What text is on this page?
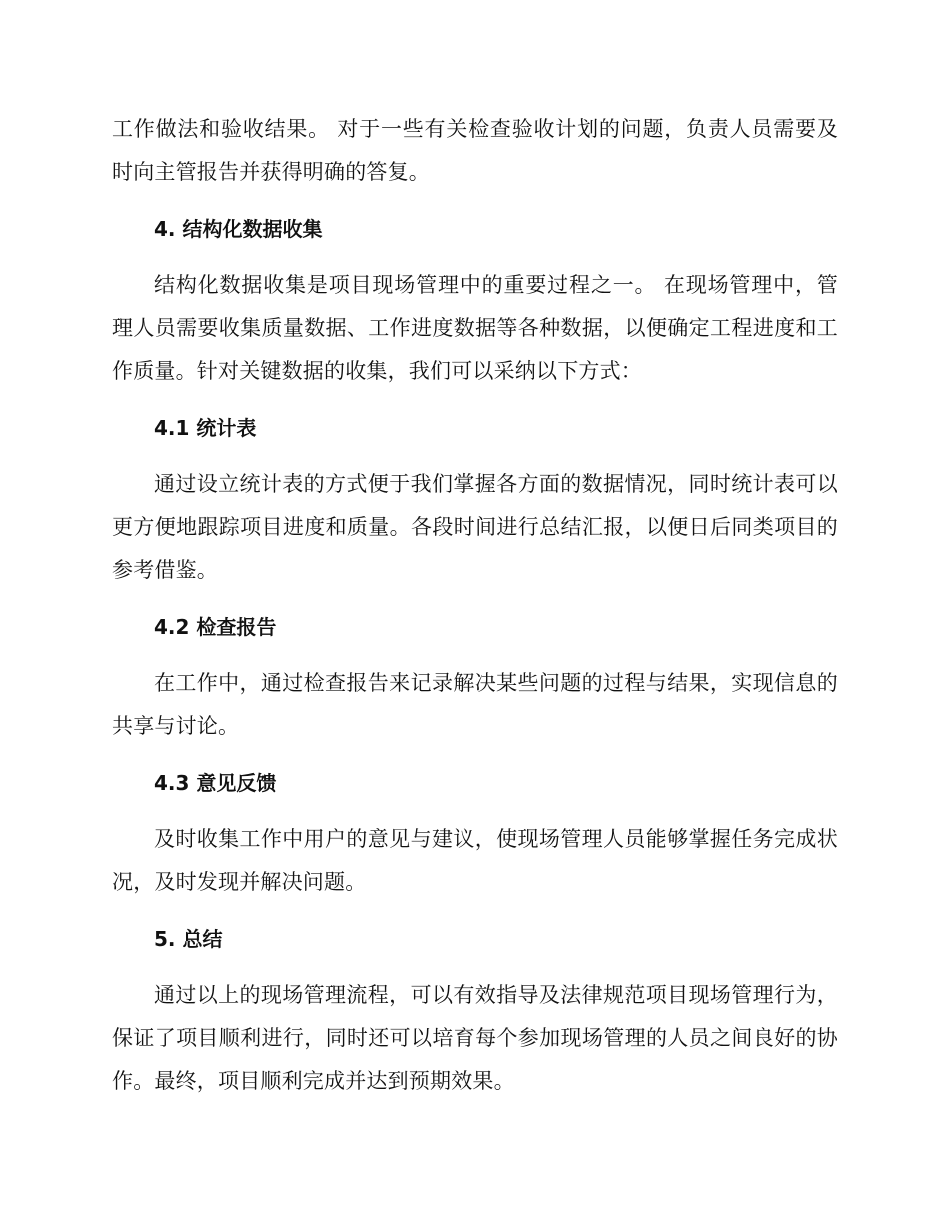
工作做法和验收结果。 对于一些有关检查验收计划的问题，负责人员需要及时向主管报告并获得明确的答复。

4. 结构化数据收集

结构化数据收集是项目现场管理中的重要过程之一。 在现场管理中，管理人员需要收集质量数据、工作进度数据等各种数据，以便确定工程进度和工作质量。针对关键数据的收集，我们可以采纳以下方式：

4.1 统计表

通过设立统计表的方式便于我们掌握各方面的数据情况，同时统计表可以更方便地跟踪项目进度和质量。各段时间进行总结汇报，以便日后同类项目的参考借鉴。

4.2 检查报告

在工作中，通过检查报告来记录解决某些问题的过程与结果，实现信息的共享与讨论。

4.3 意见反馈

及时收集工作中用户的意见与建议，使现场管理人员能够掌握任务完成状况，及时发现并解决问题。

5. 总结

通过以上的现场管理流程，可以有效指导及法律规范项目现场管理行为，保证了项目顺利进行，同时还可以培育每个参加现场管理的人员之间良好的协作。最终，项目顺利完成并达到预期效果。
